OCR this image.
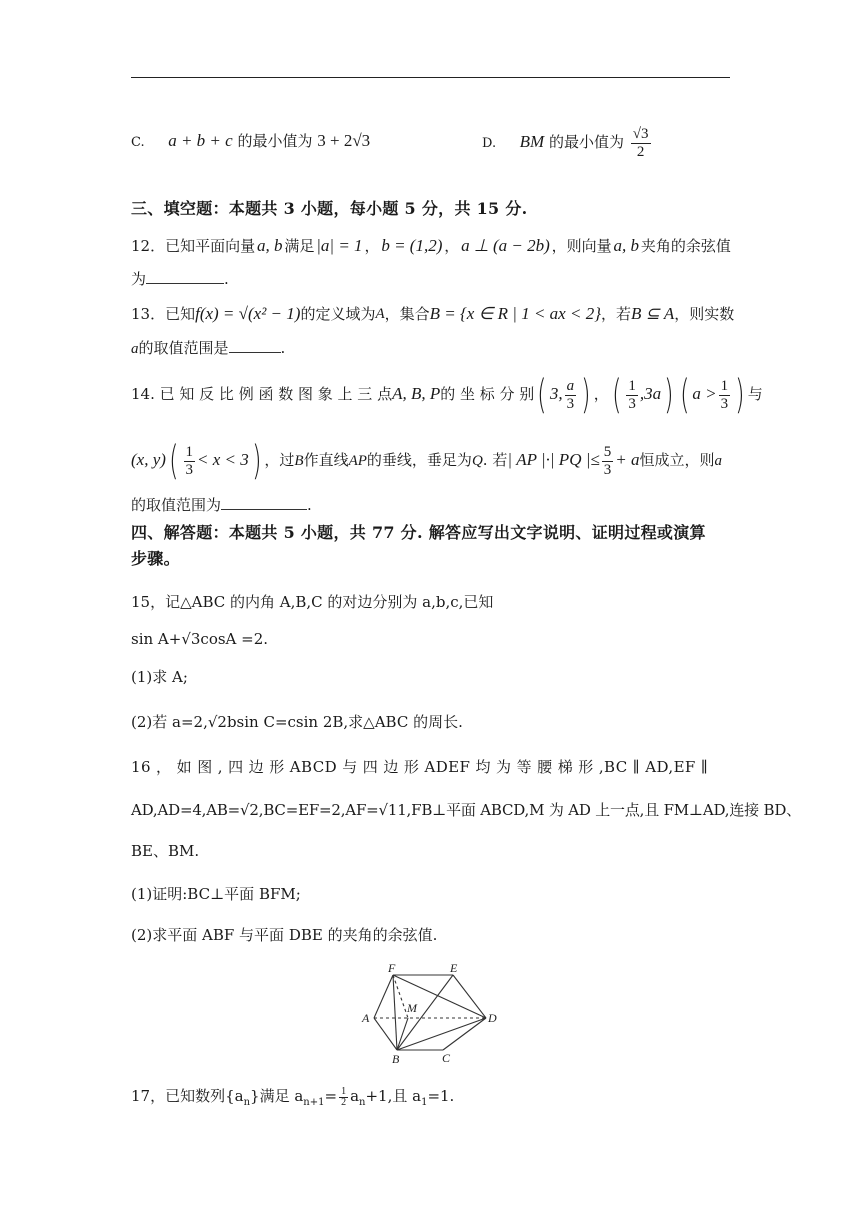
C. a + b + c 的最小值为 3 + 2√3	D. BM 的最小值为 $\frac{√3}{2}$
三、填空题：本题共 3 小题，每小题 5 分，共 15 分.
12．已知平面向量 a, b 满足 |a| = 1 ， b = (1,2) ， a ⊥ (a − 2b) ，则向量 a, b 夹角的余弦值
为	.
13．已知 f(x) = √(x² − 1) 的定义域为 A ，集合 B = {x ∈ R | 1 < ax < 2} ，若 B ⊆ A ，则实数
a的取值范围是	.
14. 已 知 反 比 例 函 数 图 象 上 三 点 A, B, P 的 坐 标 分 别 ( 3, $\frac{a}{3}$ ) ， ( $\frac{1}{3} ,3a$) ( $a > \frac{1}{3}$ ) 与
(x, $y)( \frac{1}{3} < x < 3)$ ，过B作直线AP的垂线，垂足为Q. 若| AP |·| PQ |≤ $\frac{5}{3} + a$恒成立，则a
的取值范围为	.
四、解答题：本题共 5 小题，共 77 分. 解答应写出文字说明、证明过程或演算
步骤。
15，记△ABC 的内角 A,B,C 的对边分别为 a,b,c,已知
sin A+√3cosA =2.
(1)求 A;
(2)若 a=2,√2bsin C=csin 2B,求△ABC 的周长.
16 ， 如 图 , 四 边 形 ABCD 与 四 边 形 ADEF 均 为 等 腰 梯 形 ,BC ∥ AD,EF ∥
AD,AD=4,AB=√2,BC=EF=2,AF=√11,FB⊥平面 ABCD,M 为 AD 上一点,且 FM⊥AD,连接 BD、
BE、BM.
(1)证明:BC⊥平面 BFM;
(2)求平面 ABF 与平面 DBE 的夹角的余弦值.
F	E
M
A	D
B	C
17，已知数列$\{a_n\}$满足 $a_{n+1}= \frac{1}{2} a_n+1$,且 $a_1=1$.
